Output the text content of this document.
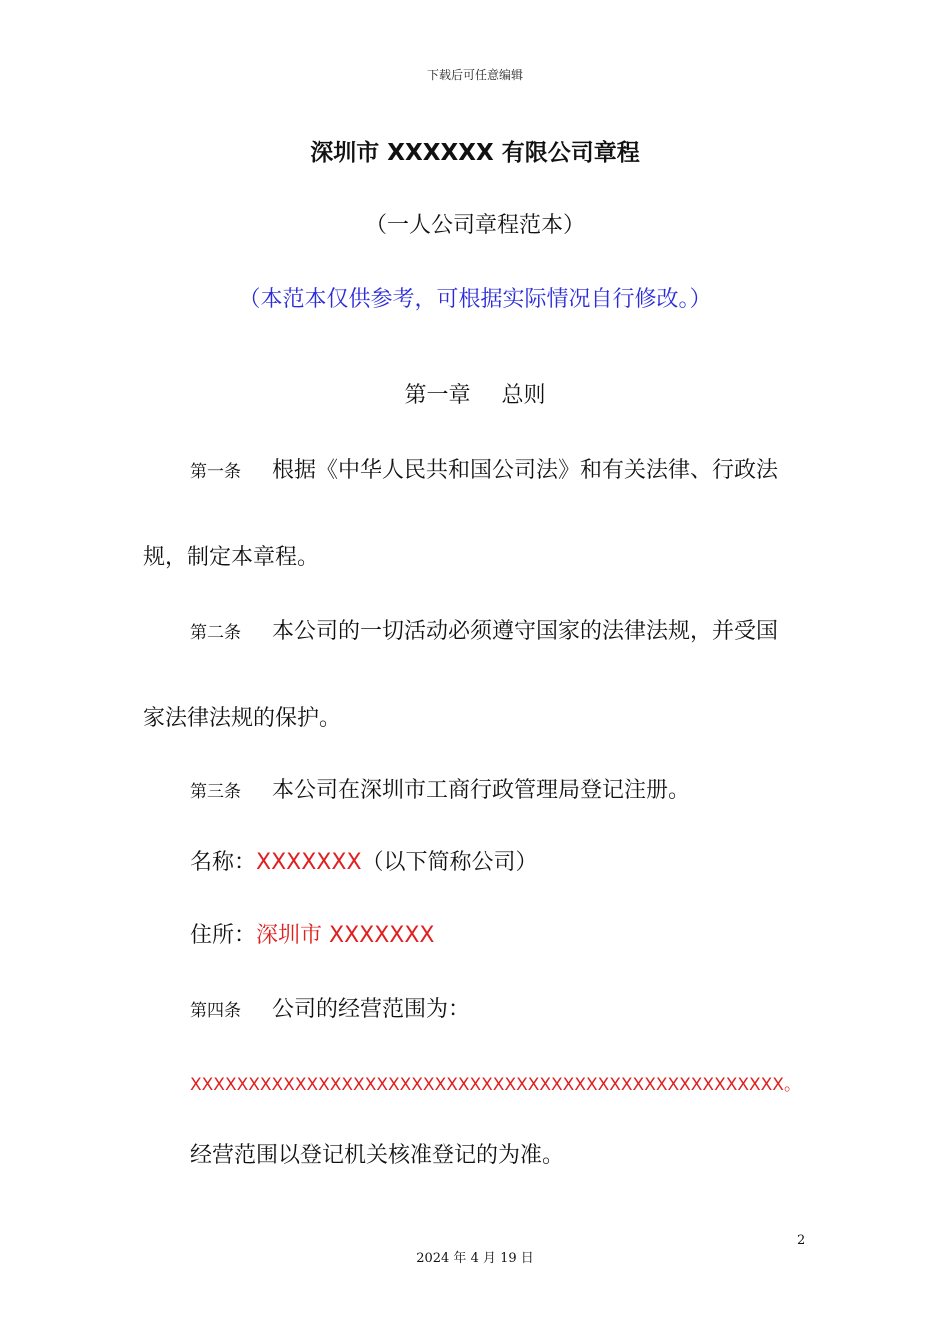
下载后可任意编辑
深圳市 XXXXXX 有限公司章程
（一人公司章程范本）
（本范本仅供参考，可根据实际情况自行修改。）
第一章 总则
第一条 根据《中华人民共和国公司法》和有关法律、行政法
规，制定本章程。
第二条 本公司的一切活动必须遵守国家的法律法规，并受国
家法律法规的保护。
第三条 本公司在深圳市工商行政管理局登记注册。
名称：XXXXXXX（以下简称公司）
住所：深圳市 XXXXXXX
第四条 公司的经营范围为：
XXXXXXXXXXXXXXXXXXXXXXXXXXXXXXXXXXXXXXXXXXXXXXXXXXX。
经营范围以登记机关核准登记的为准。
2
2024 年 4 月 19 日
